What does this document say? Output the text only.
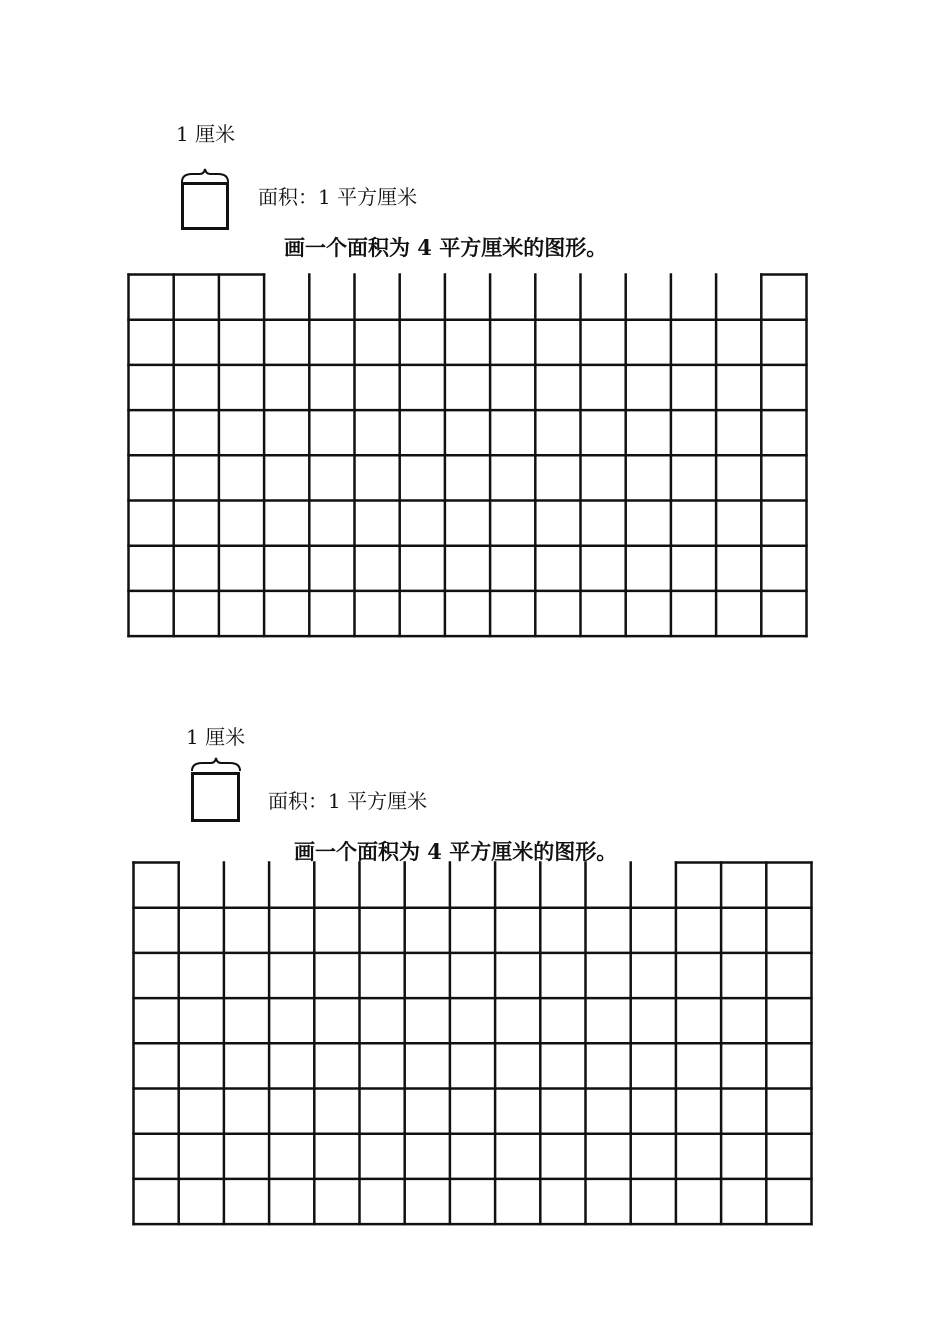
1 厘米
面积：1 平方厘米
画一个面积为 4 平方厘米的图形。
1 厘米
面积：1 平方厘米
画一个面积为 4 平方厘米的图形。
